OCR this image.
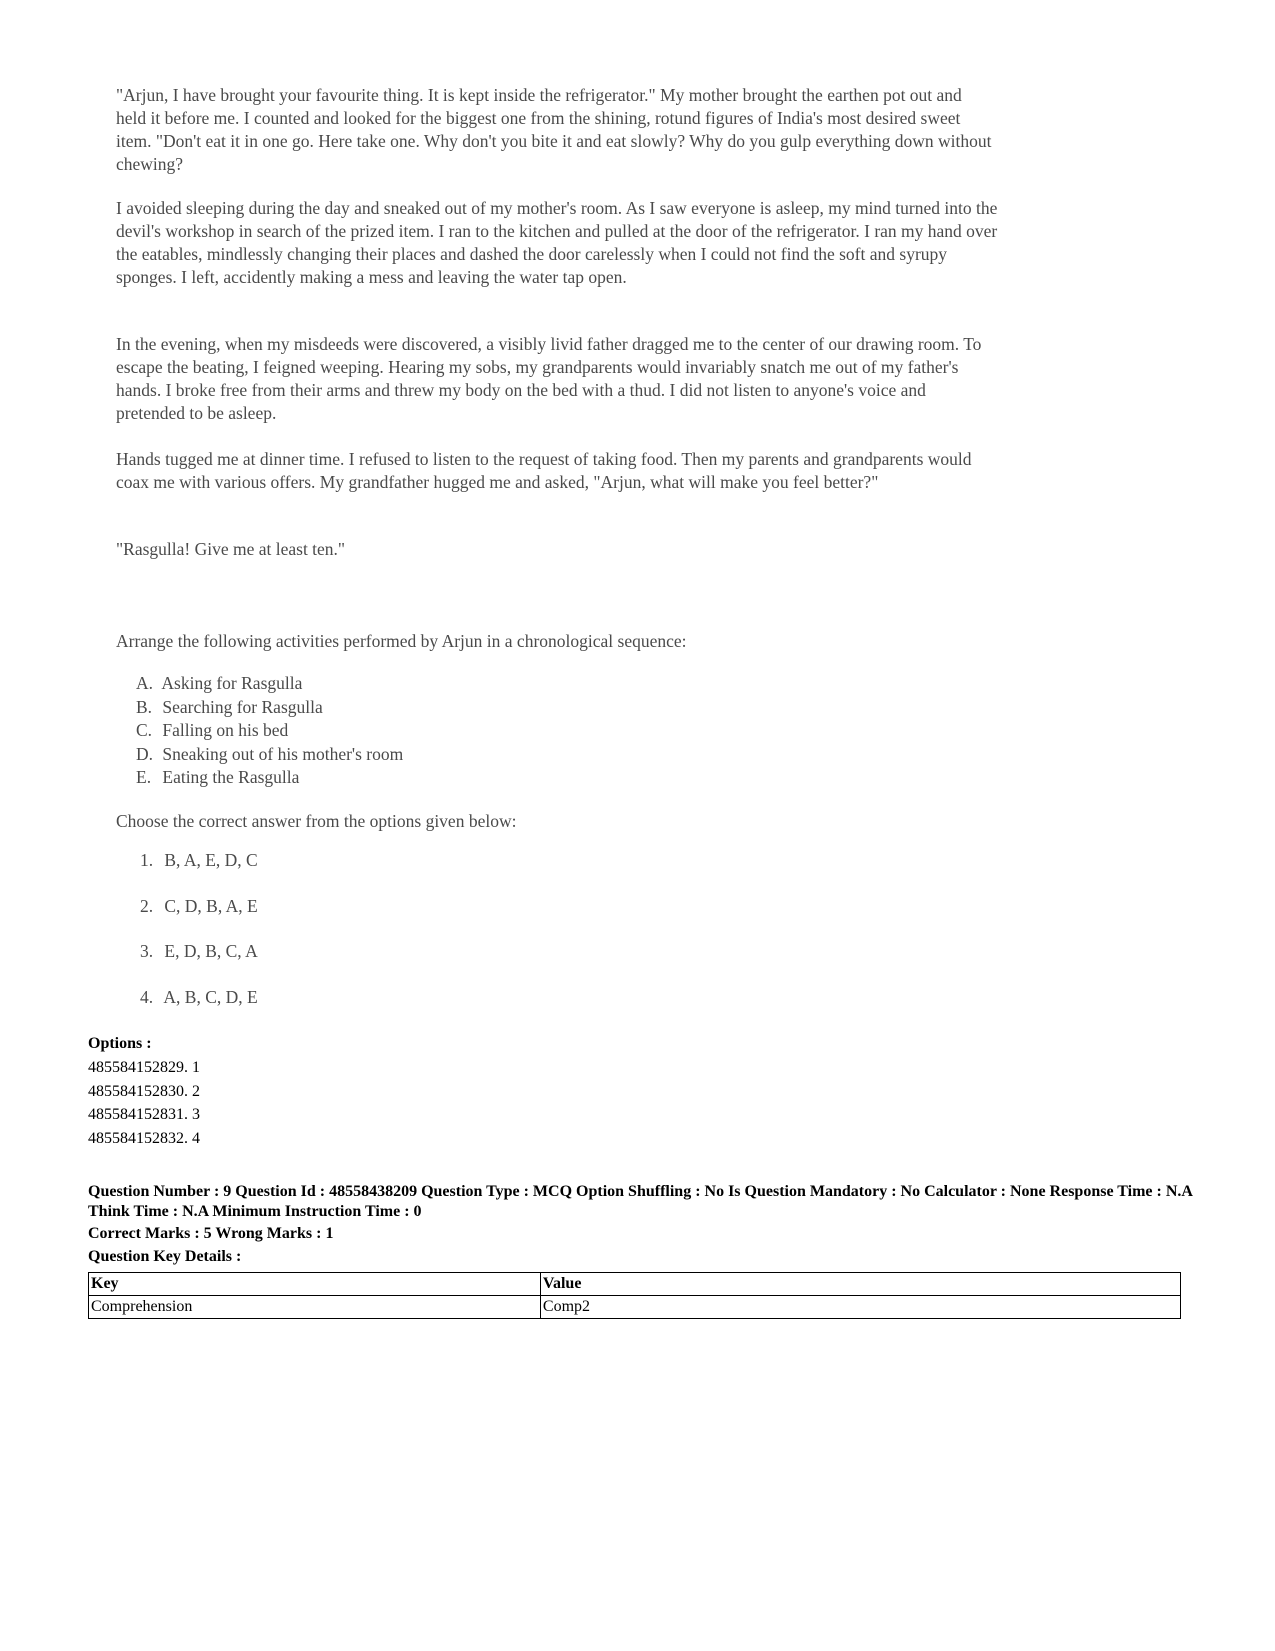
"Arjun, I have brought your favourite thing. It is kept inside the refrigerator." My mother brought the earthen pot out and held it before me. I counted and looked for the biggest one from the shining, rotund figures of India's most desired sweet item. "Don't eat it in one go. Here take one. Why don't you bite it and eat slowly? Why do you gulp everything down without chewing?

I avoided sleeping during the day and sneaked out of my mother's room. As I saw everyone is asleep, my mind turned into the devil's workshop in search of the prized item. I ran to the kitchen and pulled at the door of the refrigerator. I ran my hand over the eatables, mindlessly changing their places and dashed the door carelessly when I could not find the soft and syrupy sponges. I left, accidently making a mess and leaving the water tap open.

In the evening, when my misdeeds were discovered, a visibly livid father dragged me to the center of our drawing room. To escape the beating, I feigned weeping. Hearing my sobs, my grandparents would invariably snatch me out of my father's hands. I broke free from their arms and threw my body on the bed with a thud. I did not listen to anyone's voice and pretended to be asleep.

Hands tugged me at dinner time. I refused to listen to the request of taking food. Then my parents and grandparents would coax me with various offers. My grandfather hugged me and asked, "Arjun, what will make you feel better?"

"Rasgulla! Give me at least ten."

Arrange the following activities performed by Arjun in a chronological sequence:

A. Asking for Rasgulla
B. Searching for Rasgulla
C. Falling on his bed
D. Sneaking out of his mother's room
E. Eating the Rasgulla

Choose the correct answer from the options given below:

1. B, A, E, D, C
2. C, D, B, A, E
3. E, D, B, C, A
4. A, B, C, D, E
Options :
485584152829. 1
485584152830. 2
485584152831. 3
485584152832. 4
Question Number : 9 Question Id : 48558438209 Question Type : MCQ Option Shuffling : No Is Question Mandatory : No Calculator : None Response Time : N.A Think Time : N.A Minimum Instruction Time : 0
Correct Marks : 5 Wrong Marks : 1
Question Key Details :
Key	Value
Comprehension	Comp2
